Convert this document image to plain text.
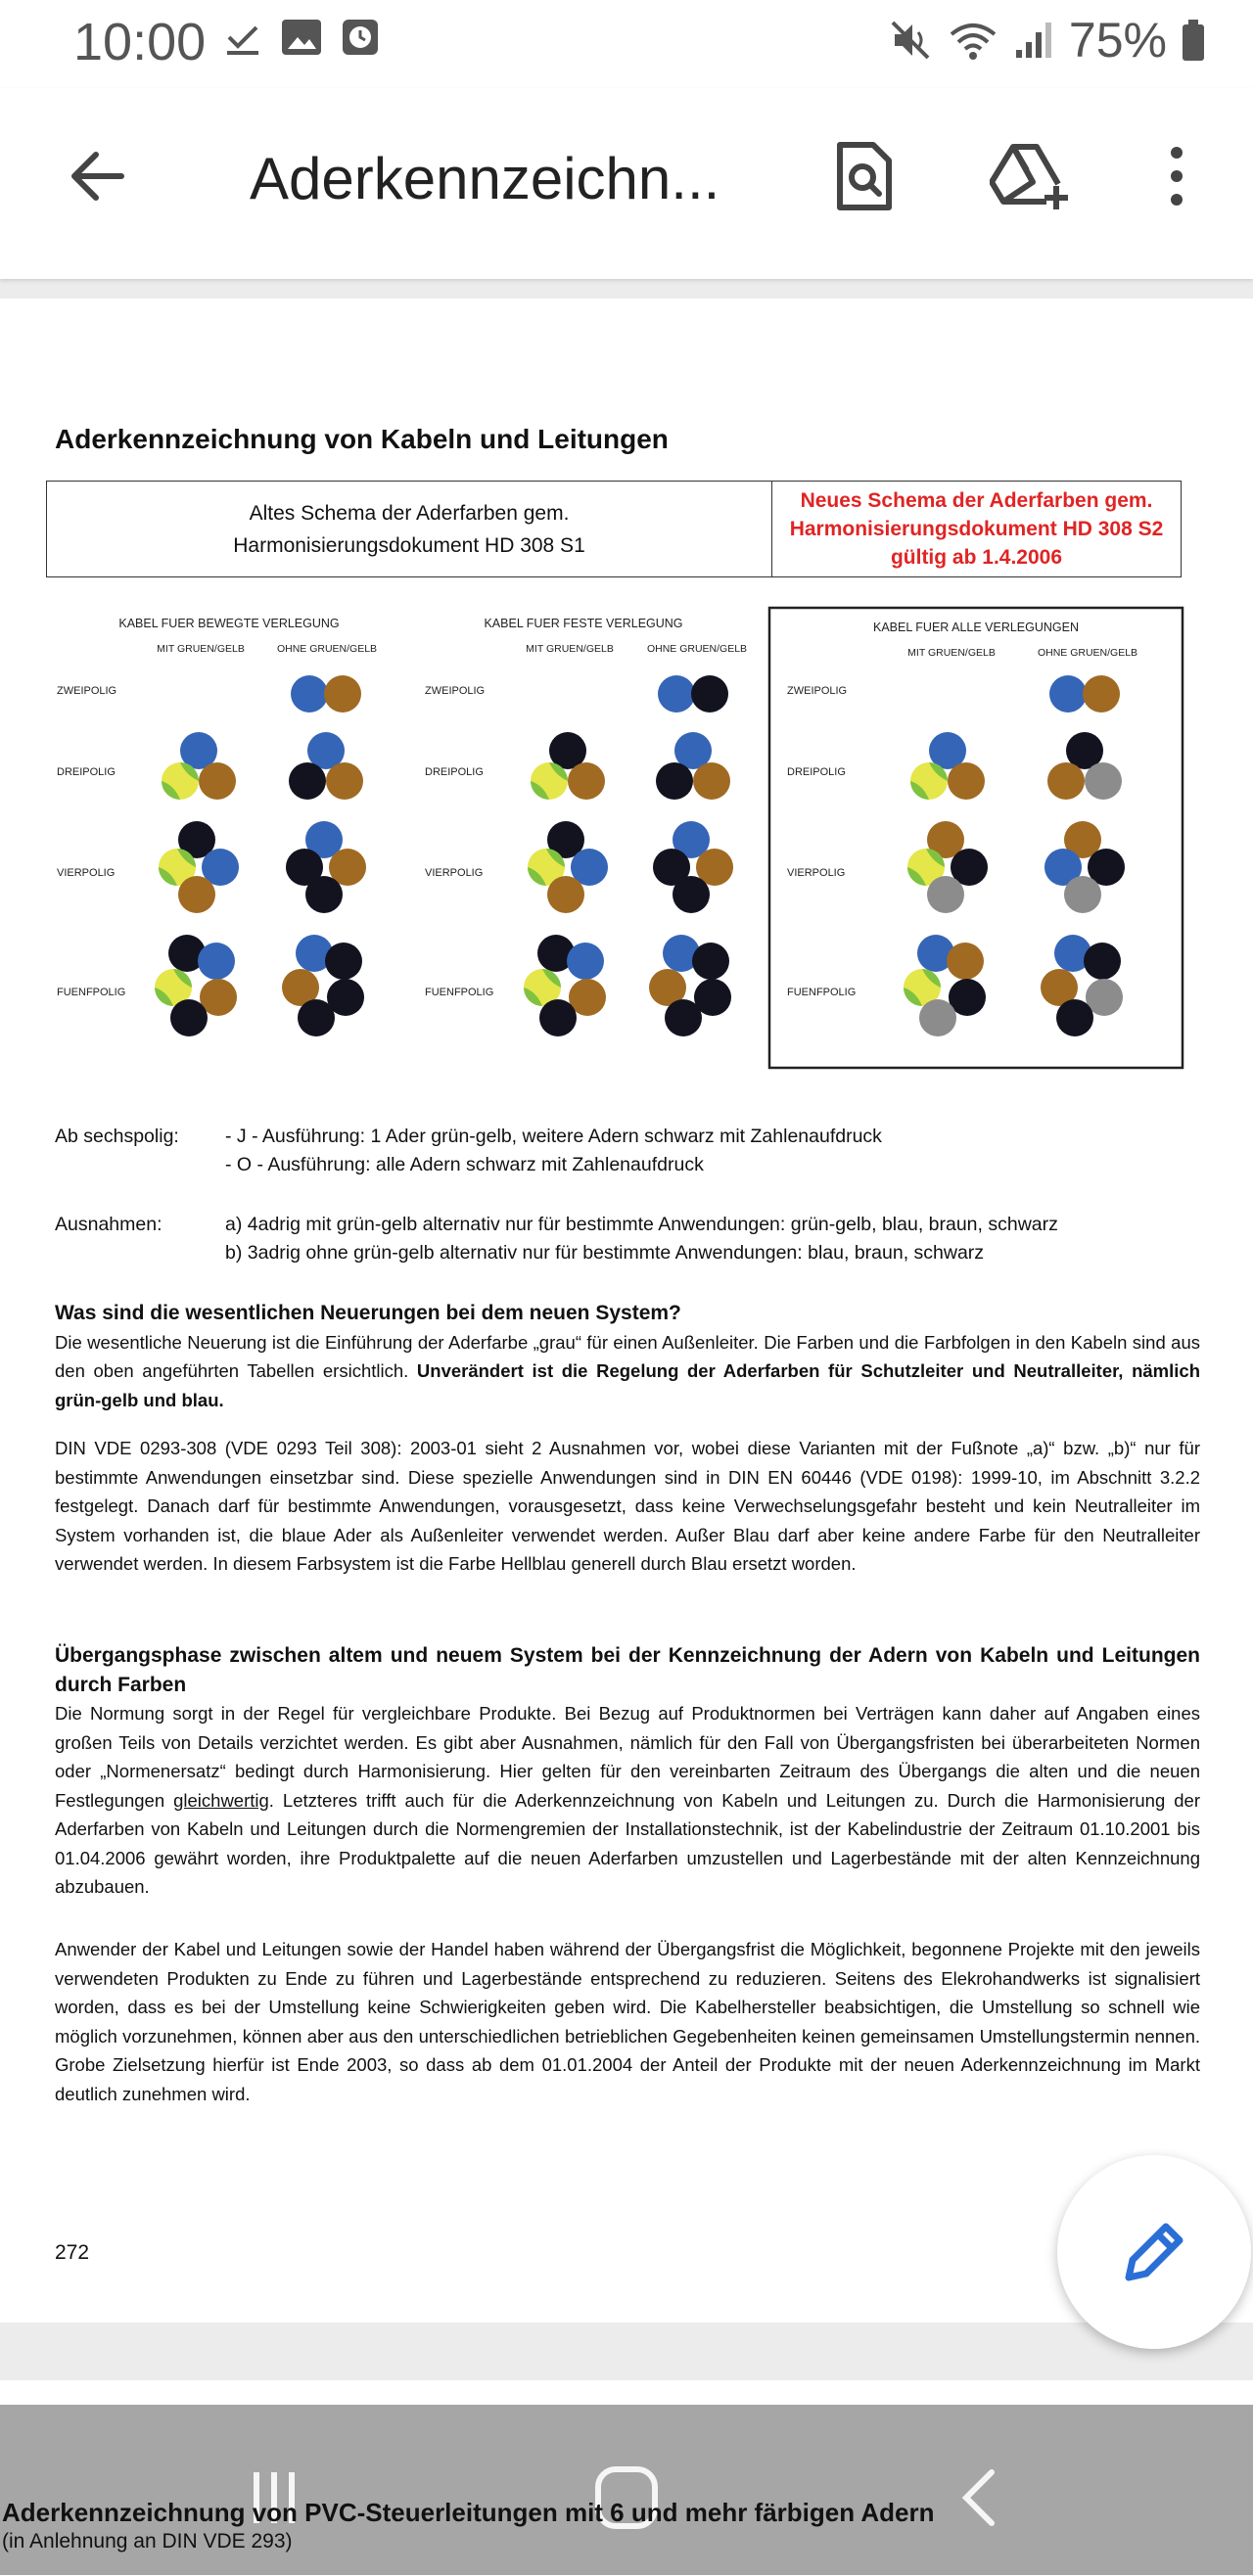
10:00	75%
Aderkennzeichn...
Aderkennzeichnung von Kabeln und Leitungen
Altes Schema der Aderfarben gem.
Harmonisierungsdokument HD 308 S1
Neues Schema der Aderfarben gem.
Harmonisierungsdokument HD 308 S2
gültig ab 1.4.2006
KABEL FUER BEWEGTE VERLEGUNG
MIT GRUEN/GELB	OHNE GRUEN/GELB
ZWEIPOLIG
DREIPOLIG
VIERPOLIG
FUENFPOLIG
KABEL FUER FESTE VERLEGUNG
MIT GRUEN/GELB	OHNE GRUEN/GELB
ZWEIPOLIG
DREIPOLIG
VIERPOLIG
FUENFPOLIG
KABEL FUER ALLE VERLEGUNGEN
MIT GRUEN/GELB	OHNE GRUEN/GELB
ZWEIPOLIG
DREIPOLIG
VIERPOLIG
FUENFPOLIG
Ab sechspolig: - J - Ausführung: 1 Ader grün-gelb, weitere Adern schwarz mit Zahlenaufdruck
- O - Ausführung: alle Adern schwarz mit Zahlenaufdruck
Ausnahmen:	a) 4adrig mit grün-gelb alternativ nur für bestimmte Anwendungen: grün-gelb, blau, braun, schwarz
b) 3adrig ohne grün-gelb alternativ nur für bestimmte Anwendungen: blau, braun, schwarz
Was sind die wesentlichen Neuerungen bei dem neuen System?
Die wesentliche Neuerung ist die Einführung der Aderfarbe „grau“ für einen Außenleiter. Die Farben und die Farbfolgen in den Kabeln sind aus den oben angeführten Tabellen ersichtlich. Unverändert ist die Regelung der Aderfarben für Schutzleiter und Neutralleiter, nämlich grün-gelb und blau.
DIN VDE 0293-308 (VDE 0293 Teil 308): 2003-01 sieht 2 Ausnahmen vor, wobei diese Varianten mit der Fußnote „a)“ bzw. „b)“ nur für bestimmte Anwendungen einsetzbar sind. Diese spezielle Anwendungen sind in DIN EN 60446 (VDE 0198): 1999-10, im Abschnitt 3.2.2 festgelegt. Danach darf für bestimmte Anwendungen, vorausgesetzt, dass keine Verwechselungsgefahr besteht und kein Neutralleiter im System vorhanden ist, die blaue Ader als Außenleiter verwendet werden. Außer Blau darf aber keine andere Farbe für den Neutralleiter verwendet werden. In diesem Farbsystem ist die Farbe Hellblau generell durch Blau ersetzt worden.
Übergangsphase zwischen altem und neuem System bei der Kennzeichnung der Adern von Kabeln und Leitungen durch Farben
Die Normung sorgt in der Regel für vergleichbare Produkte. Bei Bezug auf Produktnormen bei Verträgen kann daher auf Angaben eines großen Teils von Details verzichtet werden. Es gibt aber Ausnahmen, nämlich für den Fall von Übergangsfristen bei überarbeiteten Normen oder „Normenersatz“ bedingt durch Harmonisierung. Hier gelten für den vereinbarten Zeitraum des Übergangs die alten und die neuen Festlegungen gleichwertig. Letzteres trifft auch für die Aderkennzeichnung von Kabeln und Leitungen zu. Durch die Harmonisierung der Aderfarben von Kabeln und Leitungen durch die Normengremien der Installationstechnik, ist der Kabelindustrie der Zeitraum 01.10.2001 bis 01.04.2006 gewährt worden, ihre Produktpalette auf die neuen Aderfarben umzustellen und Lagerbestände mit der alten Kennzeichnung abzubauen.
Anwender der Kabel und Leitungen sowie der Handel haben während der Übergangsfrist die Möglichkeit, begonnene Projekte mit den jeweils verwendeten Produkten zu Ende zu führen und Lagerbestände entsprechend zu reduzieren. Seitens des Elekrohandwerks ist signalisiert worden, dass es bei der Umstellung keine Schwierigkeiten geben wird. Die Kabelhersteller beabsichtigen, die Umstellung so schnell wie möglich vorzunehmen, können aber aus den unterschiedlichen betrieblichen Gegebenheiten keinen gemeinsamen Umstellungstermin nennen. Grobe Zielsetzung hierfür ist Ende 2003, so dass ab dem 01.01.2004 der Anteil der Produkte mit der neuen Aderkennzeichnung im Markt deutlich zunehmen wird.
272
Aderkennzeichnung von PVC-Steuerleitungen mit 6 und mehr färbigen Adern
(in Anlehnung an DIN VDE 293)
